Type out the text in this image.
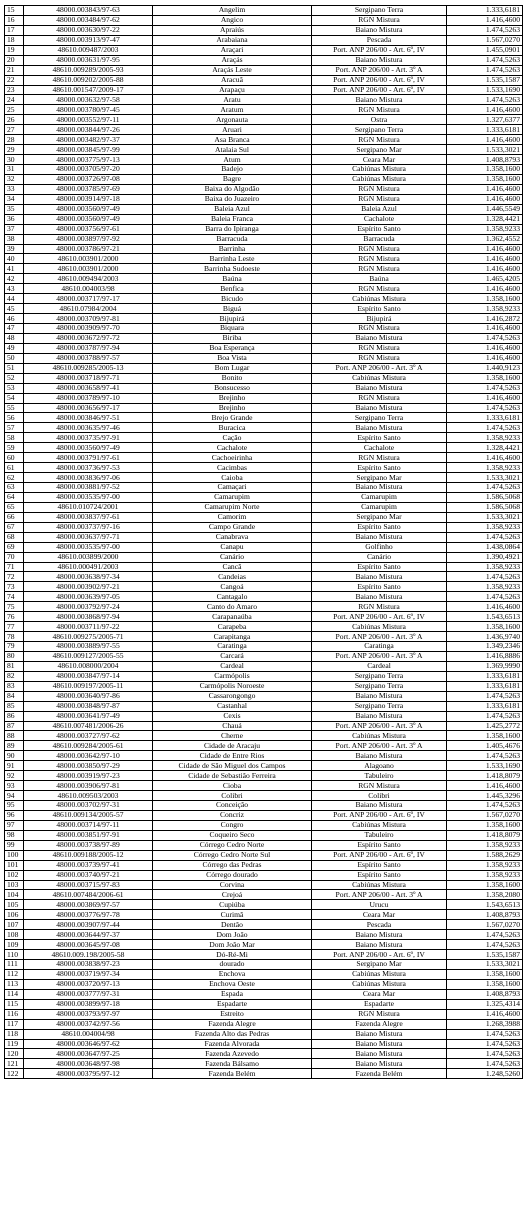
15	48000.003843/97-63	Angelim	Sergipano Terra	1.333,6181
16	48000.003484/97-62	Angico	RGN Mistura	1.416,4600
17	48000.003630/97-22	Apraiús	Baiano Mistura	1.474,5263
18	48000.003913/97-47	Arabaiana	Pescada	1.567,0270
19	48610.009487/2003	Araçari	Port. ANP 206/00 - Art. 6º, IV	1.455,0901
20	48000.003631/97-95	Araçás	Baiano Mistura	1.474,5263
21	48610.009289/2005-93	Araçás Leste	Port. ANP 206/00 - Art. 3º A	1.474,5263
22	48610.009202/2005-88	Aracuã	Port. ANP 206/00 - Art. 6º, IV	1.535,1587
23	48610.001547/2009-17	Arapaçu	Port. ANP 206/00 - Art. 6º, IV	1.533,1690
24	48000.003632/97-58	Aratu	Baiano Mistura	1.474,5263
25	48000.003780/97-45	Aratum	RGN Mistura	1.416,4600
26	48000.003552/97-11	Argonauta	Ostra	1.327,6377
27	48000.003844/97-26	Aruari	Sergipano Terra	1.333,6181
28	48000.003482/97-37	Asa Branca	RGN Mistura	1.416,4600
29	48000.003845/97-99	Atalaia Sul	Sergipano Mar	1.533,3021
30	48000.003775/97-13	Atum	Ceara Mar	1.408,8793
31	48000.003705/97-20	Badejo	Cabiúnas Mistura	1.358,1600
32	48000.003726/97-08	Bagre	Cabiúnas Mistura	1.358,1600
33	48000.003785/97-69	Baixa do Algodão	RGN Mistura	1.416,4600
34	48000.003914/97-18	Baixa do Juazeiro	RGN Mistura	1.416,4600
35	48000.003560/97-49	Baleia Azul	Baleia Azul	1.446,5549
36	48000.003560/97-49	Baleia Franca	Cachalote	1.328,4421
37	48000.003756/97-61	Barra do Ipiranga	Espírito Santo	1.358,9233
38	48000.003897/97-92	Barracuda	Barracuda	1.362,4552
39	48000.003786/97-21	Barrinha	RGN Mistura	1.416,4600
40	48610.003901/2000	Barrinha Leste	RGN Mistura	1.416,4600
41	48610.003901/2000	Barrinha Sudoeste	RGN Mistura	1.416,4600
42	48610.009494/2003	Baúna	Baúna	1.465,4205
43	48610.004003/98	Benfica	RGN Mistura	1.416,4600
44	48000.003717/97-17	Bicudo	Cabiúnas Mistura	1.358,1600
45	48610.07984/2004	Biguá	Espírito Santo	1.358,9233
46	48000.003709/97-81	Bijupirá	Bijupirá	1.416,2872
47	48000.003909/97-70	Biquara	RGN Mistura	1.416,4600
48	48000.003672/97-72	Biriba	Baiano Mistura	1.474,5263
49	48000.003787/97-94	Boa Esperança	RGN Mistura	1.416,4600
50	48000.003788/97-57	Boa Vista	RGN Mistura	1.416,4600
51	48610.009285/2005-13	Bom Lugar	Port. ANP 206/00 - Art. 3º A	1.440,9123
52	48000.003718/97-71	Bonito	Cabiúnas Mistura	1.358,1600
53	48000.003658/97-41	Bonsucesso	Baiano Mistura	1.474,5263
54	48000.003789/97-10	Brejinho	RGN Mistura	1.416,4600
55	48000.003656/97-17	Brejinho	Baiano Mistura	1.474,5263
56	48000.003846/97-51	Brejo Grande	Sergipano Terra	1.333,6181
57	48000.003635/97-46	Buracica	Baiano Mistura	1.474,5263
58	48000.003735/97-91	Cação	Espírito Santo	1.358,9233
59	48000.003560/97-49	Cachalote	Cachalote	1.328,4421
60	48000.003791/97-61	Cachoeirinha	RGN Mistura	1.416,4600
61	48000.003736/97-53	Cacimbas	Espírito Santo	1.358,9233
62	48000.003836/97-06	Caioba	Sergipano Mar	1.533,3021
63	48000.003881/97-52	Camaçari	Baiano Mistura	1.474,5263
64	48000.003535/97-00	Camarupim	Camarupim	1.586,5068
65	48610.010724/2001	Camarupim Norte	Camarupim	1.586,5068
66	48000.003837/97-61	Camorim	Sergipano Mar	1.533,3021
67	48000.003737/97-16	Campo Grande	Espírito Santo	1.358,9233
68	48000.003637/97-71	Canabrava	Baiano Mistura	1.474,5263
69	48000.003535/97-00	Canapu	Golfinho	1.438,0864
70	48610.003899/2000	Canário	Canário	1.390,4921
71	48610.000491/2003	Cancã	Espírito Santo	1.358,9233
72	48000.003638/97-34	Candeias	Baiano Mistura	1.474,5263
73	48000.003902/97-21	Cangoá	Espírito Santo	1.358,9233
74	48000.003639/97-05	Cantagalo	Baiano Mistura	1.474,5263
75	48000.003792/97-24	Canto do Amaro	RGN Mistura	1.416,4600
76	48000.003868/97-94	Carapanaúba	Port. ANP 206/00 - Art. 6º, IV	1.543,6513
77	48000.003711/97-22	Carapeba	Cabiúnas Mistura	1.358,1600
78	48610.009275/2005-71	Carapitanga	Port. ANP 206/00 - Art. 3º A	1.436,9740
79	48000.003889/97-55	Caratinga	Caratinga	1.349,2346
80	48610.009127/2005-55	Carcará	Port. ANP 206/00 - Art. 3º A	1.416,8886
81	48610.008000/2004	Cardeal	Cardeal	1.369,9990
82	48000.003847/97-14	Carmópolis	Sergipano Terra	1.333,6181
83	48610.009197/2005-11	Carmópolis Noroeste	Sergipano Terra	1.333,6181
84	48000.003640/97-86	Cassarongongo	Baiano Mistura	1.474,5263
85	48000.003848/97-87	Castanhal	Sergipano Terra	1.333,6181
86	48000.003641/97-49	Cexis	Baiano Mistura	1.474,5263
87	48610.007481/2006-26	Chauá	Port. ANP 206/00 - Art. 3º A	1.425,2772
88	48000.003727/97-62	Cherne	Cabiúnas Mistura	1.358,1600
89	48610.009284/2005-61	Cidade de Aracaju	Port. ANP 206/00 - Art. 3º A	1.405,4676
90	48000.003642/97-10	Cidade de Entre Rios	Baiano Mistura	1.474,5263
91	48000.003850/97-29	Cidade de São Miguel dos Campos	Alagoano	1.533,1690
92	48000.003919/97-23	Cidade de Sebastião Ferreira	Tabuleiro	1.418,8079
93	48000.003906/97-81	Cioba	RGN Mistura	1.416,4600
94	48610.009503/2003	Colibri	Colibri	1.445,3296
95	48000.003702/97-31	Conceição	Baiano Mistura	1.474,5263
96	48610.009134/2005-57	Concriz	Port. ANP 206/00 - Art. 6º, IV	1.567,0270
97	48000.003714/97-11	Congro	Cabiúnas Mistura	1.358,1600
98	48000.003851/97-91	Coqueiro Seco	Tabuleiro	1.418,8079
99	48000.003738/97-89	Córrego Cedro Norte	Espírito Santo	1.358,9233
100	48610.009188/2005-12	Córrego Cedro Norte Sul	Port. ANP 206/00 - Art. 6º, IV	1.588,2629
101	48000.003739/97-41	Córrego das Pedras	Espírito Santo	1.358,9233
102	48000.003740/97-21	Córrego dourado	Espírito Santo	1.358,9233
103	48000.003715/97-83	Corvina	Cabiúnas Mistura	1.358,1600
104	48610.007484/2006-61	Crejoá	Port. ANP 206/00 - Art. 3º A	1.358,2080
105	48000.003869/97-57	Cupiúba	Urucu	1.543,6513
106	48000.003776/97-78	Curimã	Ceara Mar	1.408,8793
107	48000.003907/97-44	Dentão	Pescada	1.567,0270
108	48000.003644/97-37	Dom João	Baiano Mistura	1.474,5263
109	48000.003645/97-08	Dom João Mar	Baiano Mistura	1.474,5263
110	48610.009.198/2005-58	Dó-Ré-Mi	Port. ANP 206/00 - Art. 6º, IV	1.535,1587
111	48000.003838/97-23	dourado	Sergipano Mar	1.533,3021
112	48000.003719/97-34	Enchova	Cabiúnas Mistura	1.358,1600
113	48000.003720/97-13	Enchova Oeste	Cabiúnas Mistura	1.358,1600
114	48000.003777/97-31	Espada	Ceara Mar	1.408,8793
115	48000.003899/97-18	Espadarte	Espadarte	1.325,4314
116	48000.003793/97-97	Estreito	RGN Mistura	1.416,4600
117	48000.003742/97-56	Fazenda Alegre	Fazenda Alegre	1.268,3988
118	48610.004004/98	Fazenda Alto das Pedras	Baiano Mistura	1.474,5263
119	48000.003646/97-62	Fazenda Alvorada	Baiano Mistura	1.474,5263
120	48000.003647/97-25	Fazenda Azevedo	Baiano Mistura	1.474,5263
121	48000.003648/97-98	Fazenda Bálsamo	Baiano Mistura	1.474,5263
122	48000.003795/97-12	Fazenda Belém	Fazenda Belém	1.248,5260
